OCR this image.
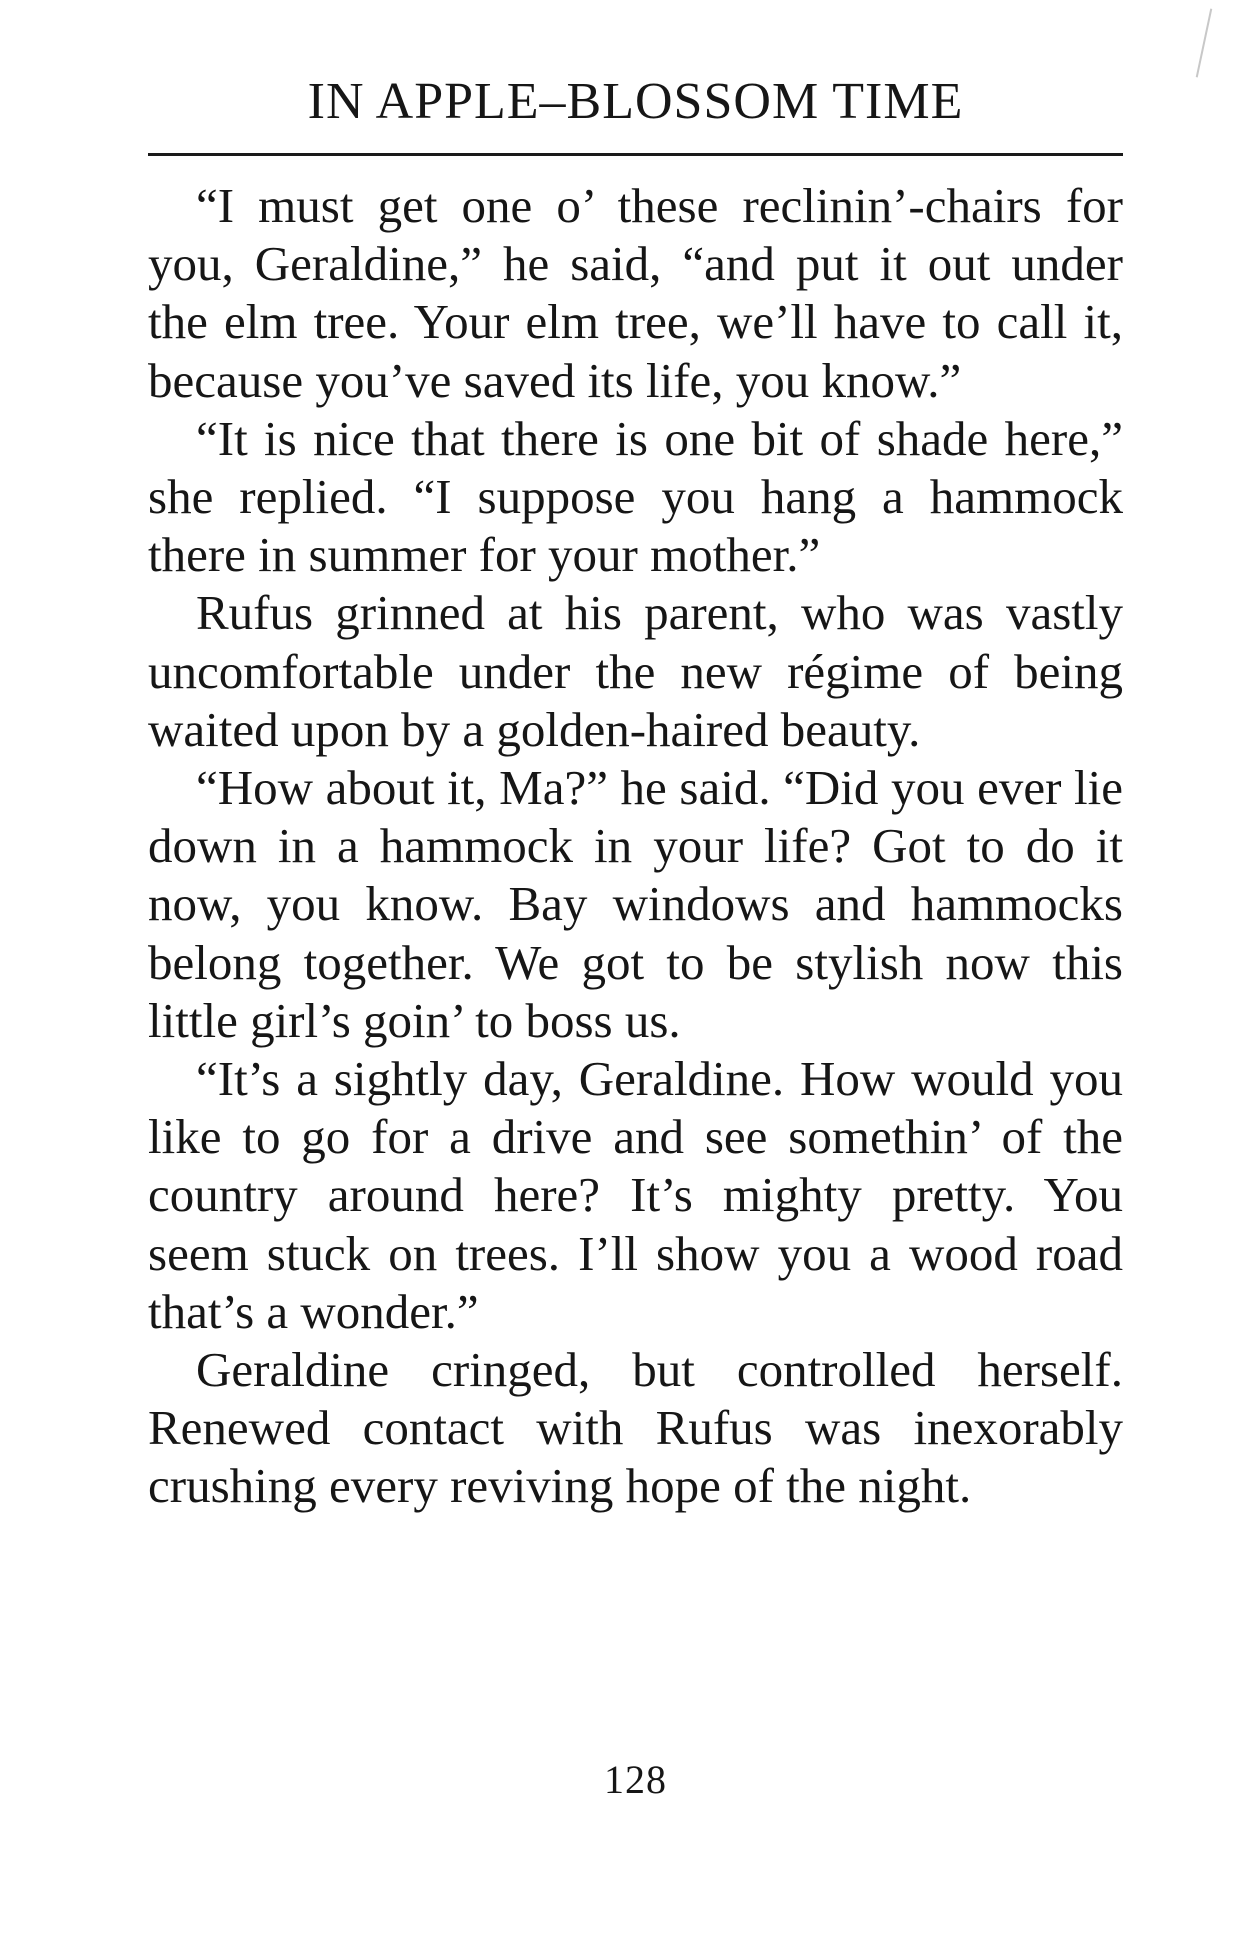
IN APPLE–BLOSSOM TIME

“I must get one o’ these reclinin’-chairs for you, Geraldine,” he said, “and put it out under the elm tree. Your elm tree, we’ll have to call it, because you’ve saved its life, you know.”

“It is nice that there is one bit of shade here,” she replied. “I suppose you hang a hammock there in summer for your mother.”

Rufus grinned at his parent, who was vastly uncomfortable under the new régime of being waited upon by a golden-haired beauty.

“How about it, Ma?” he said. “Did you ever lie down in a hammock in your life? Got to do it now, you know. Bay windows and hammocks belong together. We got to be stylish now this little girl’s goin’ to boss us.

“It’s a sightly day, Geraldine. How would you like to go for a drive and see somethin’ of the country around here? It’s mighty pretty. You seem stuck on trees. I’ll show you a wood road that’s a wonder.”

Geraldine cringed, but controlled herself. Renewed contact with Rufus was inexorably crushing every reviving hope of the night.

128
